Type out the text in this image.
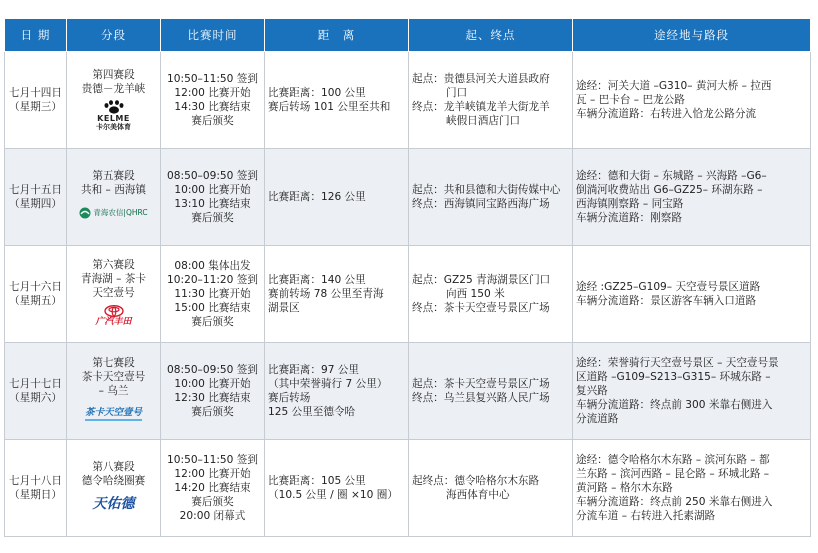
日 期	分段	比赛时间	距　离	起、终点	途经地与路段

七月十四日
（星期三）	第四赛段
贵德－龙羊峡
KELME
卡尔美体育	10:50–11:50 签到
12:00 比赛开始
14:30 比赛结束
赛后颁奖	比赛距离：100 公里
赛后转场 101 公里至共和	起点：贵德县河关大道县政府
门口
终点：龙羊峡镇龙羊大街龙羊
峡假日酒店门口	途经：河关大道 –G310– 黄河大桥 – 拉西
瓦 – 巴卡台 – 巴龙公路
车辆分流道路：右转进入恰龙公路分流

七月十五日
（星期四）	第五赛段
共和 – 西海镇
青海农信|QHRC	08:50–09:50 签到
10:00 比赛开始
13:10 比赛结束
赛后颁奖	比赛距离：126 公里	起点：共和县德和大街传媒中心
终点：西海镇同宝路西海广场	途经：德和大街 – 东城路 – 兴海路 –G6–
倒淌河收费站出 G6–GZ25– 环湖东路 –
西海镇刚察路 – 同宝路
车辆分流道路：刚察路

七月十六日
（星期五）	第六赛段
青海湖 – 茶卡
天空壹号
广汽丰田	08:00 集体出发
10:20–11:20 签到
11:30 比赛开始
15:00 比赛结束
赛后颁奖	比赛距离：140 公里
赛前转场 78 公里至青海
湖景区	起点：GZ25 青海湖景区门口
向西 150 米
终点：茶卡天空壹号景区广场	途经 :GZ25–G109– 天空壹号景区道路
车辆分流道路：景区游客车辆入口道路

七月十七日
（星期六）	第七赛段
茶卡天空壹号
– 乌兰
茶卡天空壹号	08:50–09:50 签到
10:00 比赛开始
12:30 比赛结束
赛后颁奖	比赛距离：97 公里
（其中荣誉骑行 7 公里）
赛后转场
125 公里至德令哈	起点：茶卡天空壹号景区广场
终点：乌兰县复兴路人民广场	途经：荣誉骑行天空壹号景区 – 天空壹号景
区道路 –G109–S213–G315– 环城东路 –
复兴路
车辆分流道路：终点前 300 米靠右侧进入
分流道路

七月十八日
（星期日）	第八赛段
德令哈绕圈赛
天佑德	10:50–11:50 签到
12:00 比赛开始
14:20 比赛结束
赛后颁奖
20:00 闭幕式	比赛距离：105 公里
（10.5 公里 / 圈 ×10 圈）	起终点：德令哈格尔木东路
海西体育中心	途经：德令哈格尔木东路 – 滨河东路 – 都
兰东路 – 滨河西路 – 昆仑路 – 环城北路 –
黄河路 – 格尔木东路
车辆分流道路：终点前 250 米靠右侧进入
分流车道 – 右转进入托素湖路
